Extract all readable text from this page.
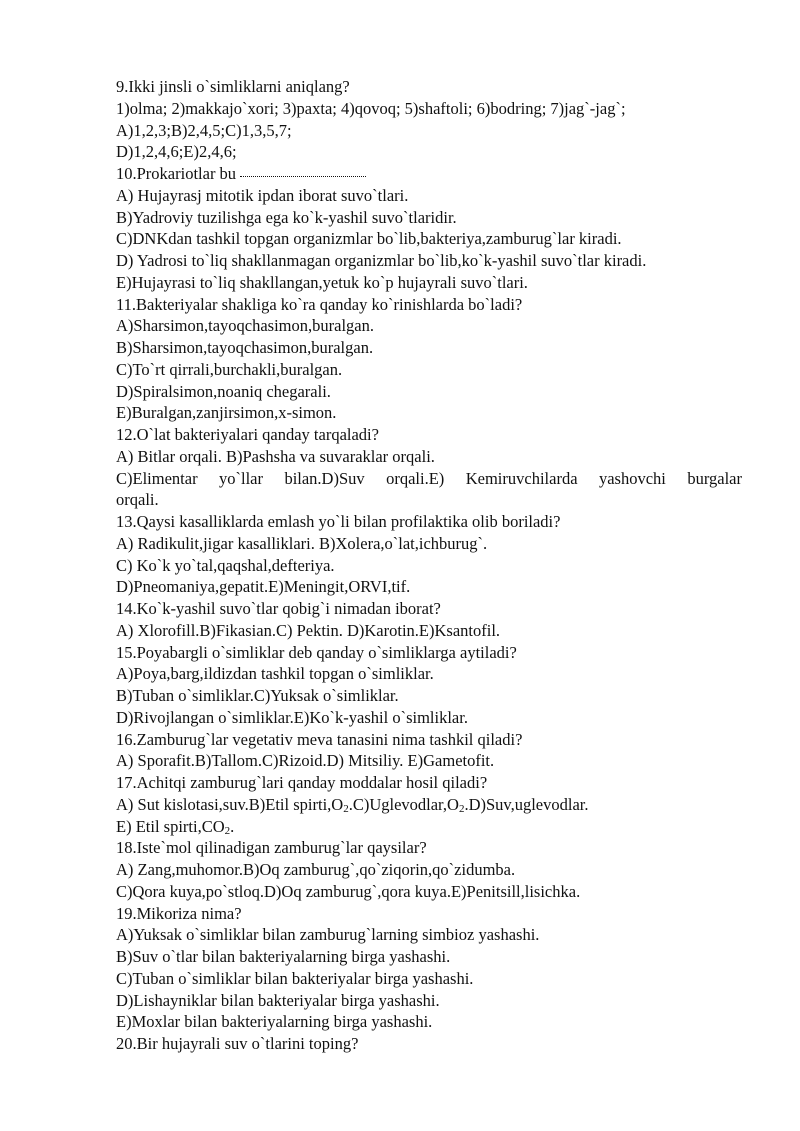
9.Ikki jinsli o`simliklarni aniqlang?
1)olma; 2)makkajo`xori; 3)paxta; 4)qovoq; 5)shaftoli; 6)bodring; 7)jag`-jag`;
A)1,2,3;B)2,4,5;C)1,3,5,7;
D)1,2,4,6;E)2,4,6;
10.Prokariotlar bu
A) Hujayrasj mitotik ipdan iborat suvo`tlari.
B)Yadroviy tuzilishga ega ko`k-yashil suvo`tlaridir.
C)DNKdan tashkil topgan organizmlar bo`lib,bakteriya,zamburug`lar kiradi.
D) Yadrosi to`liq shakllanmagan organizmlar bo`lib,ko`k-yashil suvo`tlar kiradi.
E)Hujayrasi to`liq shakllangan,yetuk ko`p hujayrali suvo`tlari.
11.Bakteriyalar shakliga ko`ra qanday ko`rinishlarda bo`ladi?
A)Sharsimon,tayoqchasimon,buralgan.
B)Sharsimon,tayoqchasimon,buralgan.
C)To`rt qirrali,burchakli,buralgan.
D)Spiralsimon,noaniq chegarali.
E)Buralgan,zanjirsimon,x-simon.
12.O`lat bakteriyalari qanday tarqaladi?
A) Bitlar orqali. B)Pashsha va suvaraklar orqali.
C)Elimentar yo`llar bilan.D)Suv orqali.E) Kemiruvchilarda yashovchi burgalar
orqali.
13.Qaysi kasalliklarda emlash yo`li bilan profilaktika olib boriladi?
A) Radikulit,jigar kasalliklari. B)Xolera,o`lat,ichburug`.
C) Ko`k yo`tal,qaqshal,defteriya.
D)Pneomaniya,gepatit.E)Meningit,ORVI,tif.
14.Ko`k-yashil suvo`tlar qobig`i nimadan iborat?
A) Xlorofill.B)Fikasian.C) Pektin. D)Karotin.E)Ksantofil.
15.Poyabargli o`simliklar deb qanday o`simliklarga aytiladi?
A)Poya,barg,ildizdan tashkil topgan o`simliklar.
B)Tuban o`simliklar.C)Yuksak o`simliklar.
D)Rivojlangan o`simliklar.E)Ko`k-yashil o`simliklar.
16.Zamburug`lar vegetativ meva tanasini nima tashkil qiladi?
A) Sporafit.B)Tallom.C)Rizoid.D) Mitsiliy. E)Gametofit.
17.Achitqi zamburug`lari qanday moddalar hosil qiladi?
A) Sut kislotasi,suv.B)Etil $spirti,O_2.C)Uglevodlar,O_2.D)Suv,uglevodlar$.
E) Etil $spirti,CO_2$.
18.Iste`mol qilinadigan zamburug`lar qaysilar?
A) Zang,muhomor.B)Oq zamburug`,qo`ziqorin,qo`zidumba.
C)Qora kuya,po`stloq.D)Oq zamburug`,qora kuya.E)Penitsill,lisichka.
19.Mikoriza nima?
A)Yuksak o`simliklar bilan zamburug`larning simbioz yashashi.
B)Suv o`tlar bilan bakteriyalarning birga yashashi.
C)Tuban o`simliklar bilan bakteriyalar birga yashashi.
D)Lishayniklar bilan bakteriyalar birga yashashi.
E)Moxlar bilan bakteriyalarning birga yashashi.
20.Bir hujayrali suv o`tlarini toping?
